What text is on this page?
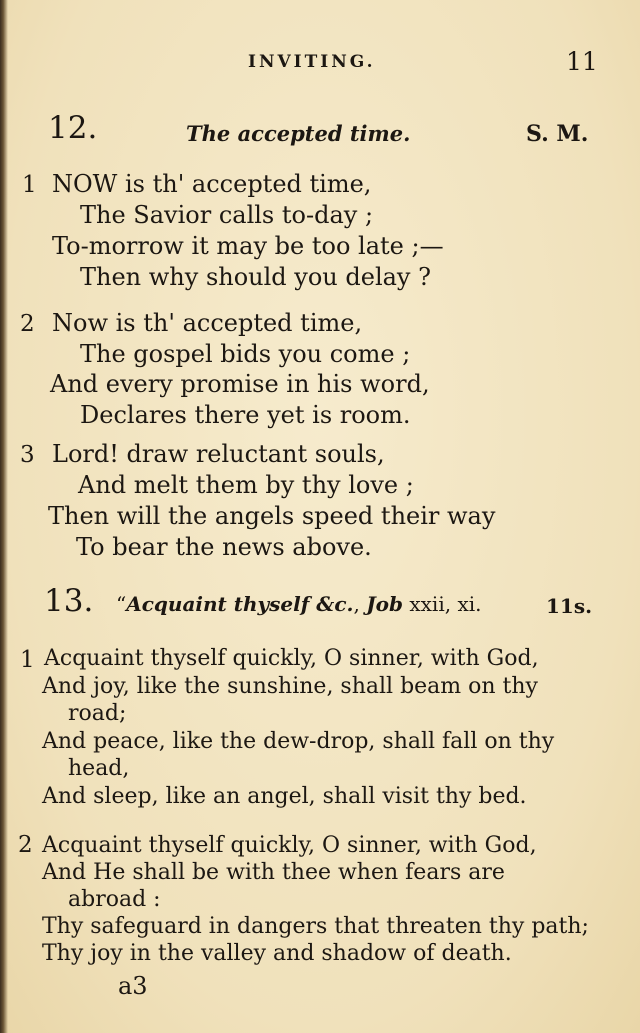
INVITING.	11
12.	The accepted time.	S. M.
1 NOW is th' accepted time,
The Savior calls to-day ;
To-morrow it may be too late ;—
Then why should you delay ?
2 Now is th' accepted time,
The gospel bids you come ;
And every promise in his word,
Declares there yet is room.
3 Lord! draw reluctant souls,
And melt them by thy love ;
Then will the angels speed their way
To bear the news above.
13. “Acquaint thyself &c., Job xxii, xi.	11s.
1 Acquaint thyself quickly, O sinner, with God,
And joy, like the sunshine, shall beam on thy
road;
And peace, like the dew-drop, shall fall on thy
head,
And sleep, like an angel, shall visit thy bed.
2 Acquaint thyself quickly, O sinner, with God,
And He shall be with thee when fears are
abroad :
Thy safeguard in dangers that threaten thy path;
Thy joy in the valley and shadow of death.
a3
